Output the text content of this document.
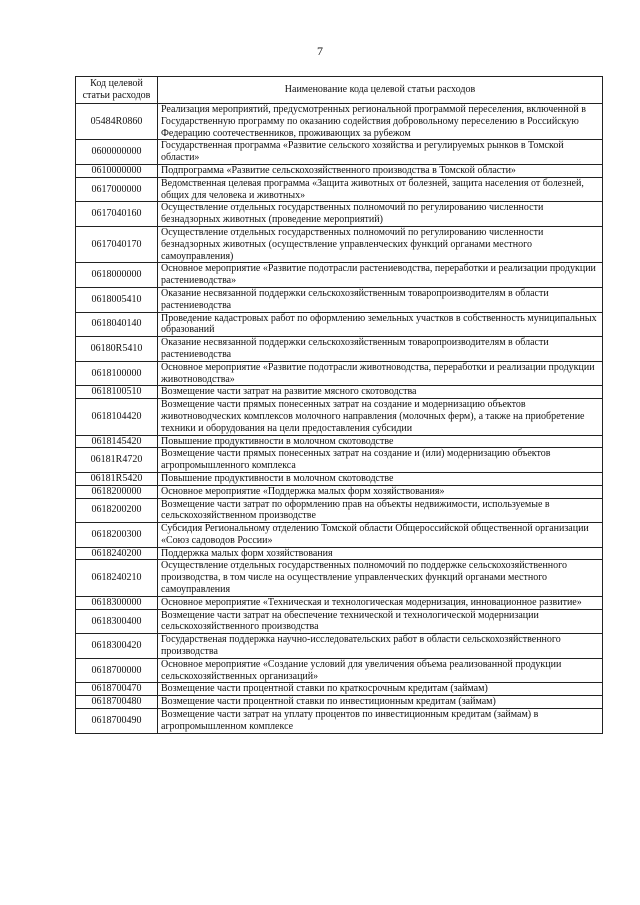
7
Код целевой статьи расходов	Наименование кода целевой статьи расходов
05484R0860	Реализация мероприятий, предусмотренных региональной программой переселения, включенной в Государственную программу по оказанию содействия добровольному переселению в Российскую Федерацию соотечественников, проживающих за рубежом
0600000000	Государственная программа «Развитие сельского хозяйства и регулируемых рынков в Томской области»
0610000000	Подпрограмма «Развитие сельскохозяйственного производства в Томской области»
0617000000	Ведомственная целевая программа «Защита животных от болезней, защита населения от болезней, общих для человека и животных»
0617040160	Осуществление отдельных государственных полномочий по регулированию численности безнадзорных животных (проведение мероприятий)
0617040170	Осуществление отдельных государственных полномочий по регулированию численности безнадзорных животных (осуществление управленческих функций органами местного самоуправления)
0618000000	Основное мероприятие «Развитие подотрасли растениеводства, переработки и реализации продукции растениеводства»
0618005410	Оказание несвязанной поддержки сельскохозяйственным товаропроизводителям в области растениеводства
0618040140	Проведение кадастровых работ по оформлению земельных участков в собственность муниципальных образований
06180R5410	Оказание несвязанной поддержки сельскохозяйственным товаропроизводителям в области растениеводства
0618100000	Основное мероприятие «Развитие подотрасли животноводства, переработки и реализации продукции животноводства»
0618100510	Возмещение части затрат на развитие мясного скотоводства
0618104420	Возмещение части прямых понесенных затрат на создание и модернизацию объектов животноводческих комплексов молочного направления (молочных ферм), а также на приобретение техники и оборудования на цели предоставления субсидии
0618145420	Повышение продуктивности в молочном скотоводстве
06181R4720	Возмещение части прямых понесенных затрат на создание и (или) модернизацию объектов агропромышленного комплекса
06181R5420	Повышение продуктивности в молочном скотоводстве
0618200000	Основное мероприятие «Поддержка малых форм хозяйствования»
0618200200	Возмещение части затрат по оформлению прав на объекты недвижимости, используемые в сельскохозяйственном производстве
0618200300	Субсидия Региональному отделению Томской области Общероссийской общественной организации «Союз садоводов России»
0618240200	Поддержка малых форм хозяйствования
0618240210	Осуществление отдельных государственных полномочий по поддержке сельскохозяйственного производства, в том числе на осуществление управленческих функций органами местного самоуправления
0618300000	Основное мероприятие «Техническая и технологическая модернизация, инновационное развитие»
0618300400	Возмещение части затрат на обеспечение технической и технологической модернизации сельскохозяйственного производства
0618300420	Государственая поддержка научно-исследовательских работ в области сельскохозяйственного производства
0618700000	Основное мероприятие «Создание условий для увеличения объема реализованной продукции сельскохозяйственных организаций»
0618700470	Возмещение части процентной ставки по краткосрочным кредитам (займам)
0618700480	Возмещение части процентной ставки по инвестиционным кредитам (займам)
0618700490	Возмещение части затрат на уплату процентов по инвестиционным кредитам (займам) в агропромышленном комплексе
